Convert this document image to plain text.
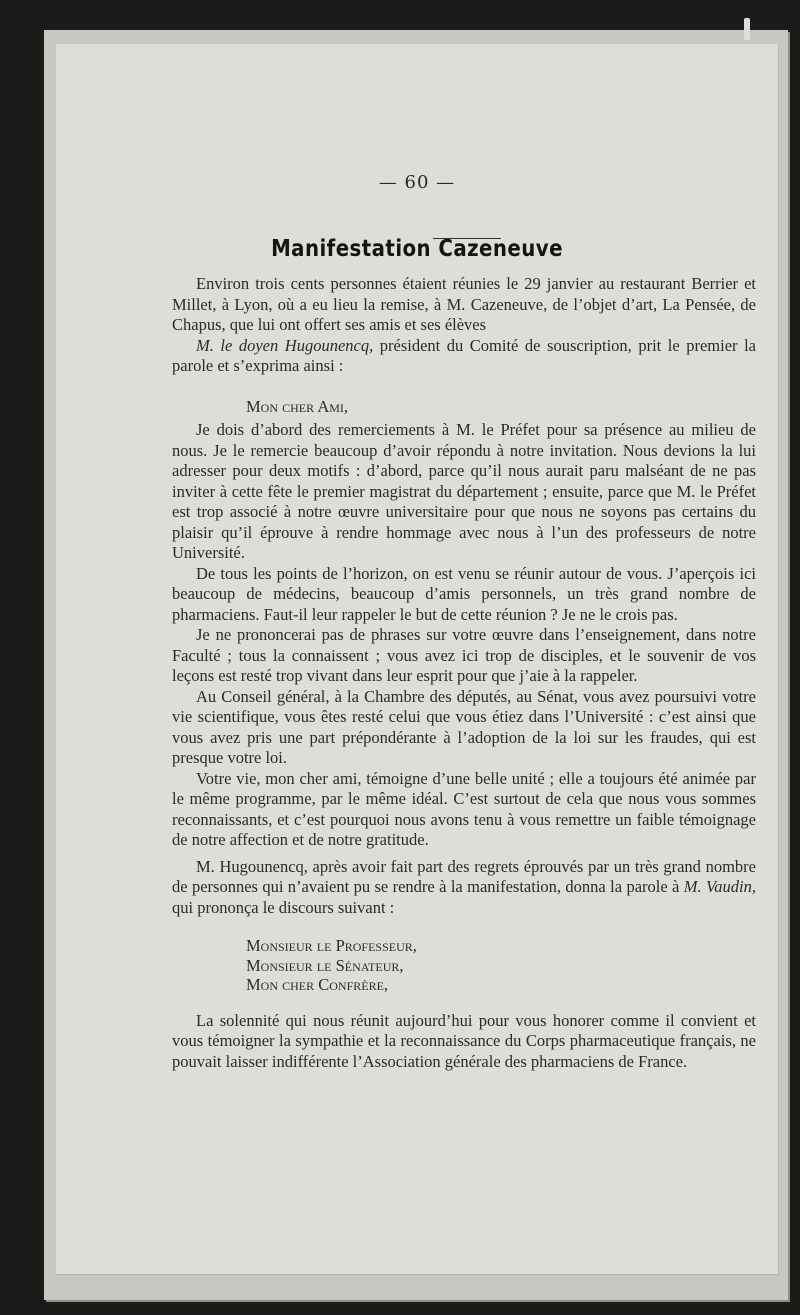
— 60 —
Manifestation Cazeneuve

Environ trois cents personnes étaient réunies le 29 janvier au restaurant Berrier et Millet, à Lyon, où a eu lieu la remise, à M. Cazeneuve, de l’objet d’art, La Pensée, de Chapus, que lui ont offert ses amis et ses élèves

M. le doyen Hugounencq, président du Comité de souscription, prit le premier la parole et s’exprima ainsi :

Mon cher Ami,

Je dois d’abord des remerciements à M. le Préfet pour sa présence au milieu de nous. Je le remercie beaucoup d’avoir répondu à notre invitation. Nous devions la lui adresser pour deux motifs : d’abord, parce qu’il nous aurait paru malséant de ne pas inviter à cette fête le premier magistrat du département ; ensuite, parce que M. le Préfet est trop associé à notre œuvre universitaire pour que nous ne soyons pas certains du plaisir qu’il éprouve à rendre hommage avec nous à l’un des professeurs de notre Université.

De tous les points de l’horizon, on est venu se réunir autour de vous. J’aperçois ici beaucoup de médecins, beaucoup d’amis personnels, un très grand nombre de pharmaciens. Faut-il leur rappeler le but de cette réunion ? Je ne le crois pas.

Je ne prononcerai pas de phrases sur votre œuvre dans l’enseignement, dans notre Faculté ; tous la connaissent ; vous avez ici trop de disciples, et le souvenir de vos leçons est resté trop vivant dans leur esprit pour que j’aie à la rappeler.

Au Conseil général, à la Chambre des députés, au Sénat, vous avez poursuivi votre vie scientifique, vous êtes resté celui que vous étiez dans l’Université : c’est ainsi que vous avez pris une part prépondérante à l’adoption de la loi sur les fraudes, qui est presque votre loi.

Votre vie, mon cher ami, témoigne d’une belle unité ; elle a toujours été animée par le même programme, par le même idéal. C’est surtout de cela que nous vous sommes reconnaissants, et c’est pourquoi nous avons tenu à vous remettre un faible témoignage de notre affection et de notre gratitude.

M. Hugounencq, après avoir fait part des regrets éprouvés par un très grand nombre de personnes qui n’avaient pu se rendre à la manifestation, donna la parole à M. Vaudin, qui prononça le discours suivant :

Monsieur le Professeur,
Monsieur le Sénateur,
Mon cher Confrère,

La solennité qui nous réunit aujourd’hui pour vous honorer comme il convient et vous témoigner la sympathie et la reconnaissance du Corps pharmaceutique français, ne pouvait laisser indifférente l’Association générale des pharmaciens de France.
